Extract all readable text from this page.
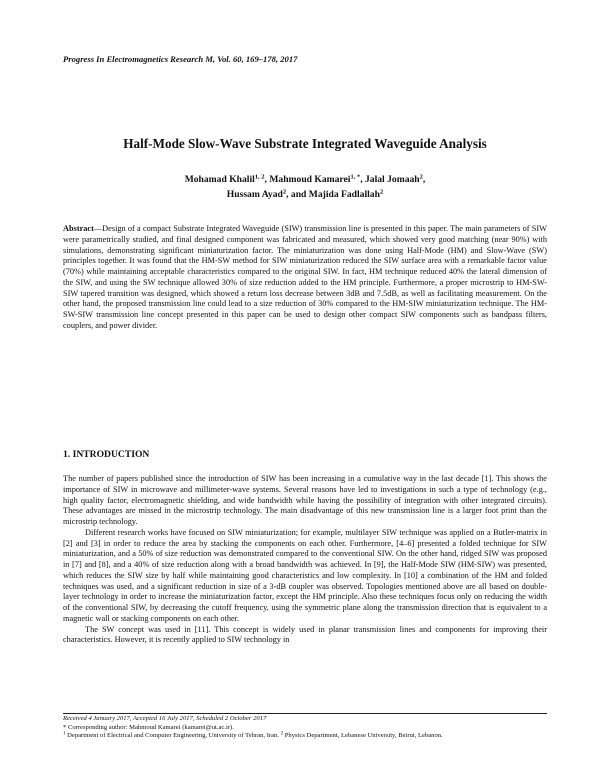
Progress In Electromagnetics Research M, Vol. 60, 169–178, 2017
Half-Mode Slow-Wave Substrate Integrated Waveguide Analysis
Mohamad Khalil$^{1, 2}$, Mahmoud Kamarei$^{1, *}$, Jalal Jomaah$^2$,
Hussam Ayad$^2$, and Majida Fadlallah$^2$
Abstract—Design of a compact Substrate Integrated Waveguide (SIW) transmission line is presented in this paper. The main parameters of SIW were parametrically studied, and final designed component was fabricated and measured, which showed very good matching (near 90%) with simulations, demonstrating significant miniaturization factor. The miniaturization was done using Half-Mode (HM) and Slow-Wave (SW) principles together. It was found that the HM-SW method for SIW miniaturization reduced the SIW surface area with a remarkable factor value (70%) while maintaining acceptable characteristics compared to the original SIW. In fact, HM technique reduced 40% the lateral dimension of the SIW, and using the SW technique allowed 30% of size reduction added to the HM principle. Furthermore, a proper microstrip to HM-SW-SIW tapered transition was designed, which showed a return loss decrease between 3dB and 7.5dB, as well as facilitating measurement. On the other hand, the proposed transmission line could lead to a size reduction of 30% compared to the HM-SIW miniaturization technique. The HM-SW-SIW transmission line concept presented in this paper can be used to design other compact SIW components such as bandpass filters, couplers, and power divider.
1. INTRODUCTION

The number of papers published since the introduction of SIW has been increasing in a cumulative way in the last decade [1]. This shows the importance of SIW in microwave and millimeter-wave systems. Several reasons have led to investigations in such a type of technology (e.g., high quality factor, electromagnetic shielding, and wide bandwidth while having the possibility of integration with other integrated circuits). These advantages are missed in the microstrip technology. The main disadvantage of this new transmission line is a larger foot print than the microstrip technology.

Different research works have focused on SIW miniaturization; for example, multilayer SIW technique was applied on a Butler-matrix in [2] and [3] in order to reduce the area by stacking the components on each other. Furthermore, [4–6] presented a folded technique for SIW miniaturization, and a 50% of size reduction was demonstrated compared to the conventional SIW. On the other hand, ridged SIW was proposed in [7] and [8], and a 40% of size reduction along with a broad bandwidth was achieved. In [9], the Half-Mode SIW (HM-SIW) was presented, which reduces the SIW size by half while maintaining good characteristics and low complexity. In [10] a combination of the HM and folded techniques was used, and a significant reduction in size of a 3-dB coupler was observed. Topologies mentioned above are all based on double-layer technology in order to increase the miniaturization factor, except the HM principle. Also these techniques focus only on reducing the width of the conventional SIW, by decreasing the cutoff frequency, using the symmetric plane along the transmission direction that is equivalent to a magnetic wall or stacking components on each other.

The SW concept was used in [11]. This concept is widely used in planar transmission lines and components for improving their characteristics. However, it is recently applied to SIW technology in

Received 4 January 2017, Accepted 16 July 2017, Scheduled 2 October 2017

* Corresponding author: Mahmoud Kamarei (kamarei@ut.ac.ir).

$^1$ Department of Electrical and Computer Engineering, University of Tehran, Iran. $^2$ Physics Department, Lebanese University, Beirut, Lebanon.
